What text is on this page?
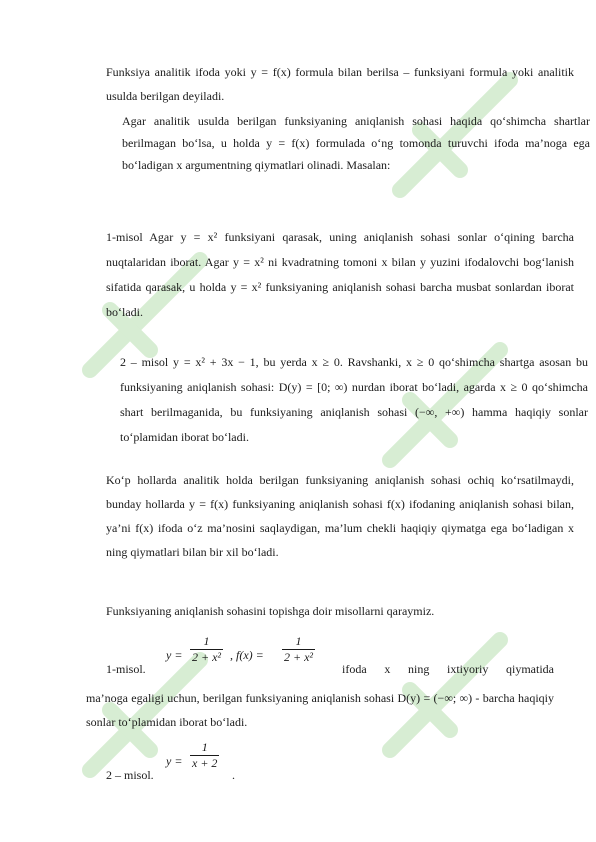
Funksiya analitik ifoda yoki y = f(x) formula bilan berilsa – funksiyani formula yoki analitik usulda berilgan deyiladi.

Agar analitik usulda berilgan funksiyaning aniqlanish sohasi haqida qo‘shimcha shartlar berilmagan bo‘lsa, u holda y = f(x) formulada o‘ng tomonda turuvchi ifoda ma’noga ega bo‘ladigan x argumentning qiymatlari olinadi. Masalan:

1-misol Agar y = x² funksiyani qarasak, uning aniqlanish sohasi sonlar o‘qining barcha nuqtalaridan iborat. Agar y = x² ni kvadratning tomoni x bilan y yuzini ifodalovchi bog‘lanish sifatida qarasak, u holda y = x² funksiyaning aniqlanish sohasi barcha musbat sonlardan iborat bo‘ladi.

2 – misol y = x² + 3x − 1, bu yerda x ≥ 0. Ravshanki, x ≥ 0 qo‘shimcha shartga asosan bu funksiyaning aniqlanish sohasi: D(y) = [0; ∞) nurdan iborat bo‘ladi, agarda x ≥ 0 qo‘shimcha shart berilmaganida, bu funksiyaning aniqlanish sohasi (−∞, +∞) hamma haqiqiy sonlar to‘plamidan iborat bo‘ladi.

Ko‘p hollarda analitik holda berilgan funksiyaning aniqlanish sohasi ochiq ko‘rsatilmaydi, bunday hollarda y = f(x) funksiyaning aniqlanish sohasi f(x) ifodaning aniqlanish sohasi bilan, ya’ni f(x) ifoda o‘z ma’nosini saqlaydigan, ma’lum chekli haqiqiy qiymatga ega bo‘ladigan x ning qiymatlari bilan bir xil bo‘ladi.

Funksiyaning aniqlanish sohasini topishga doir misollarni qaraymiz.

1-misol.
$y = \frac{1}{\text{2 + x²}}$ , $f(x) = \frac{1}{\text{2 + x²}}$
ifoda x ning ixtiyoriy qiymatida

ma’noga egaligi uchun, berilgan funksiyaning aniqlanish sohasi D(y) = (−∞; ∞) - barcha haqiqiy sonlar to‘plamidan iborat bo‘ladi.

2 – misol.
$y = \frac{1}{x + 2}$
.
